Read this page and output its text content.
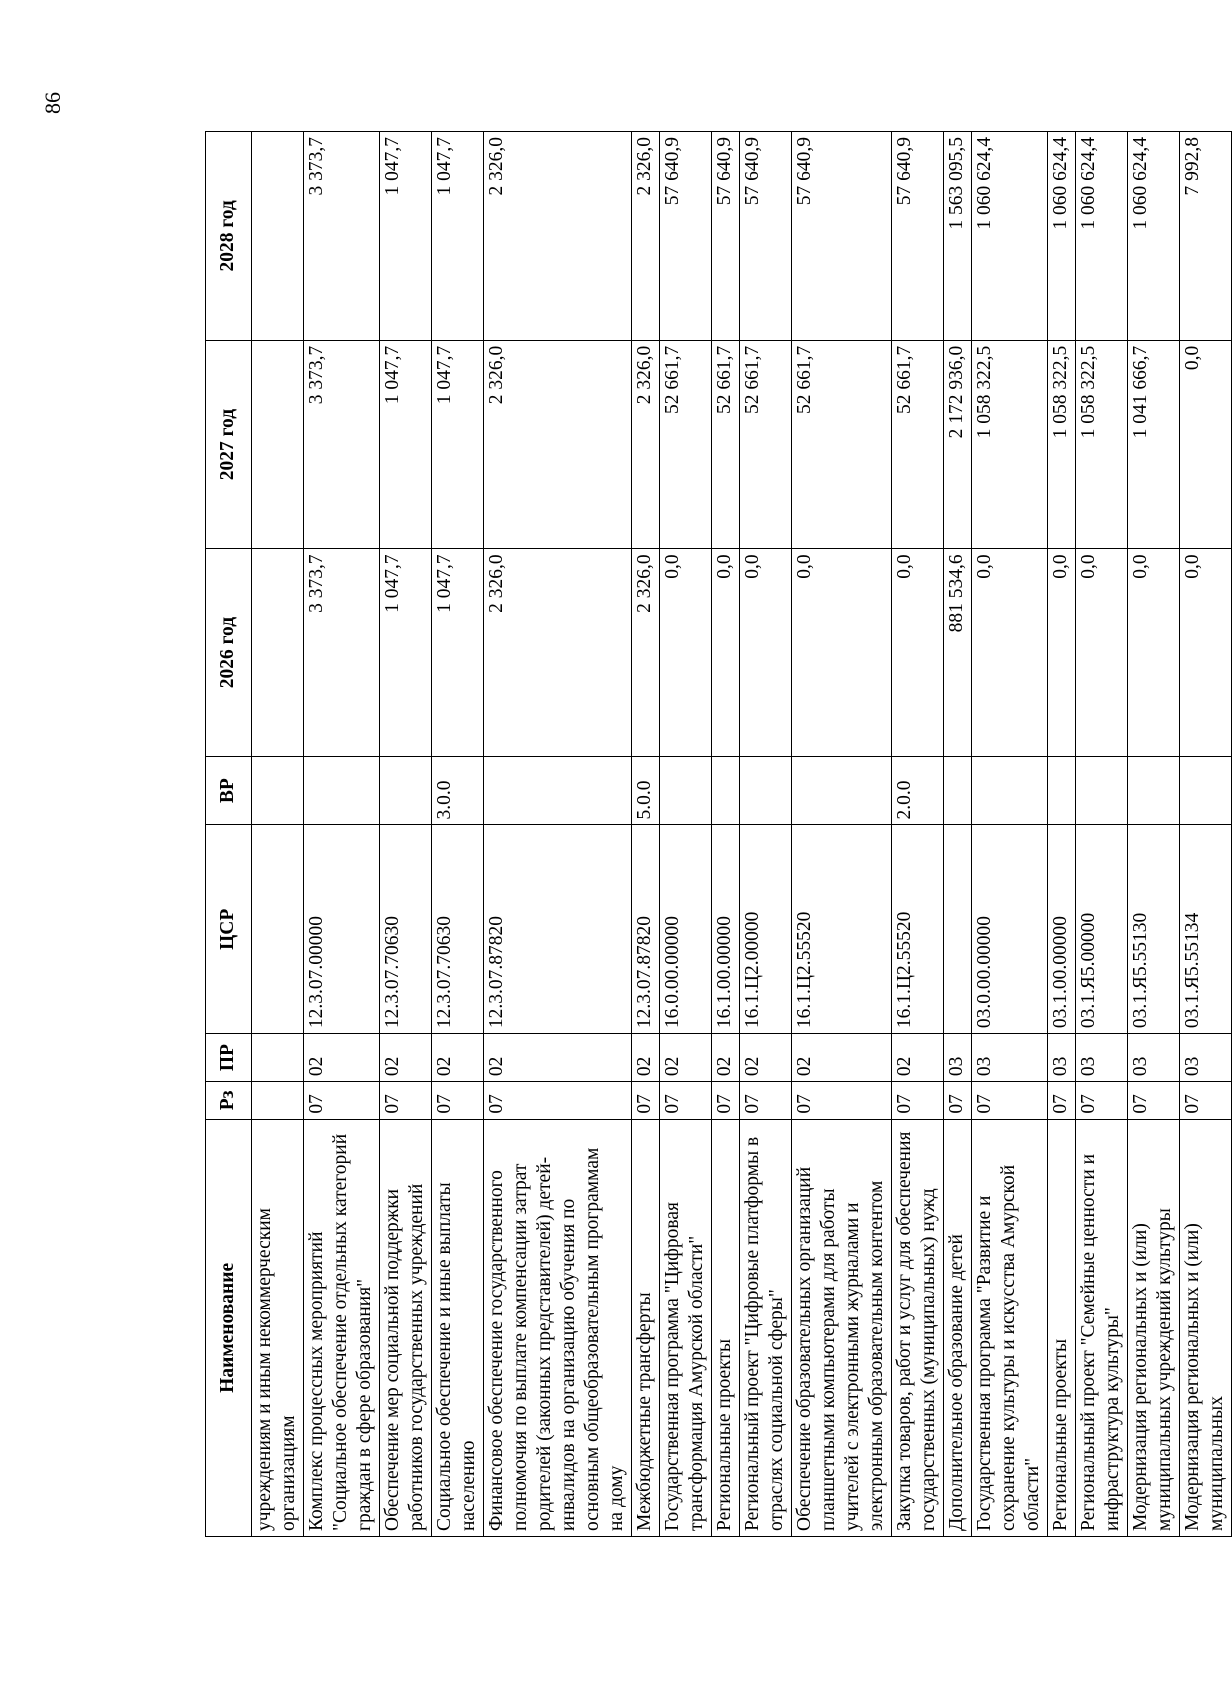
86
Наименование	Рз	ПР	ЦСР	ВР	2026 год	2027 год	2028 год
учреждениям и иным некоммерческим организациям							
Комплекс процессных мероприятий "Социальное обеспечение отдельных категорий граждан в сфере образования"	07	02	12.3.07.00000		3 373,7	3 373,7	3 373,7
Обеспечение мер социальной поддержки работников государственных учреждений	07	02	12.3.07.70630		1 047,7	1 047,7	1 047,7
Социальное обеспечение и иные выплаты населению	07	02	12.3.07.70630	3.0.0	1 047,7	1 047,7	1 047,7
Финансовое обеспечение государственного полномочия по выплате компенсации затрат родителей (законных представителей) детей-инвалидов на организацию обучения по основным общеобразовательным программам на дому	07	02	12.3.07.87820		2 326,0	2 326,0	2 326,0
Межбюджетные трансферты	07	02	12.3.07.87820	5.0.0	2 326,0	2 326,0	2 326,0
Государственная программа "Цифровая трансформация Амурской области"	07	02	16.0.00.00000		0,0	52 661,7	57 640,9
Региональные проекты	07	02	16.1.00.00000		0,0	52 661,7	57 640,9
Региональный проект "Цифровые платформы в отраслях социальной сферы"	07	02	16.1.Ц2.00000		0,0	52 661,7	57 640,9
Обеспечение образовательных организаций планшетными компьютерами для работы учителей с электронными журналами и электронным образовательным контентом	07	02	16.1.Ц2.55520		0,0	52 661,7	57 640,9
Закупка товаров, работ и услуг для обеспечения государственных (муниципальных) нужд	07	02	16.1.Ц2.55520	2.0.0	0,0	52 661,7	57 640,9
Дополнительное образование детей	07	03			881 534,6	2 172 936,0	1 563 095,5
Государственная программа "Развитие и сохранение культуры и искусства Амурской области"	07	03	03.0.00.00000		0,0	1 058 322,5	1 060 624,4
Региональные проекты	07	03	03.1.00.00000		0,0	1 058 322,5	1 060 624,4
Региональный проект "Семейные ценности и инфраструктура культуры"	07	03	03.1.Я5.00000		0,0	1 058 322,5	1 060 624,4
Модернизация региональных и (или) муниципальных учреждений культуры	07	03	03.1.Я5.55130		0,0	1 041 666,7	1 060 624,4
Модернизация региональных и (или) муниципальных	07	03	03.1.Я5.55134		0,0	0,0	7 992,8
